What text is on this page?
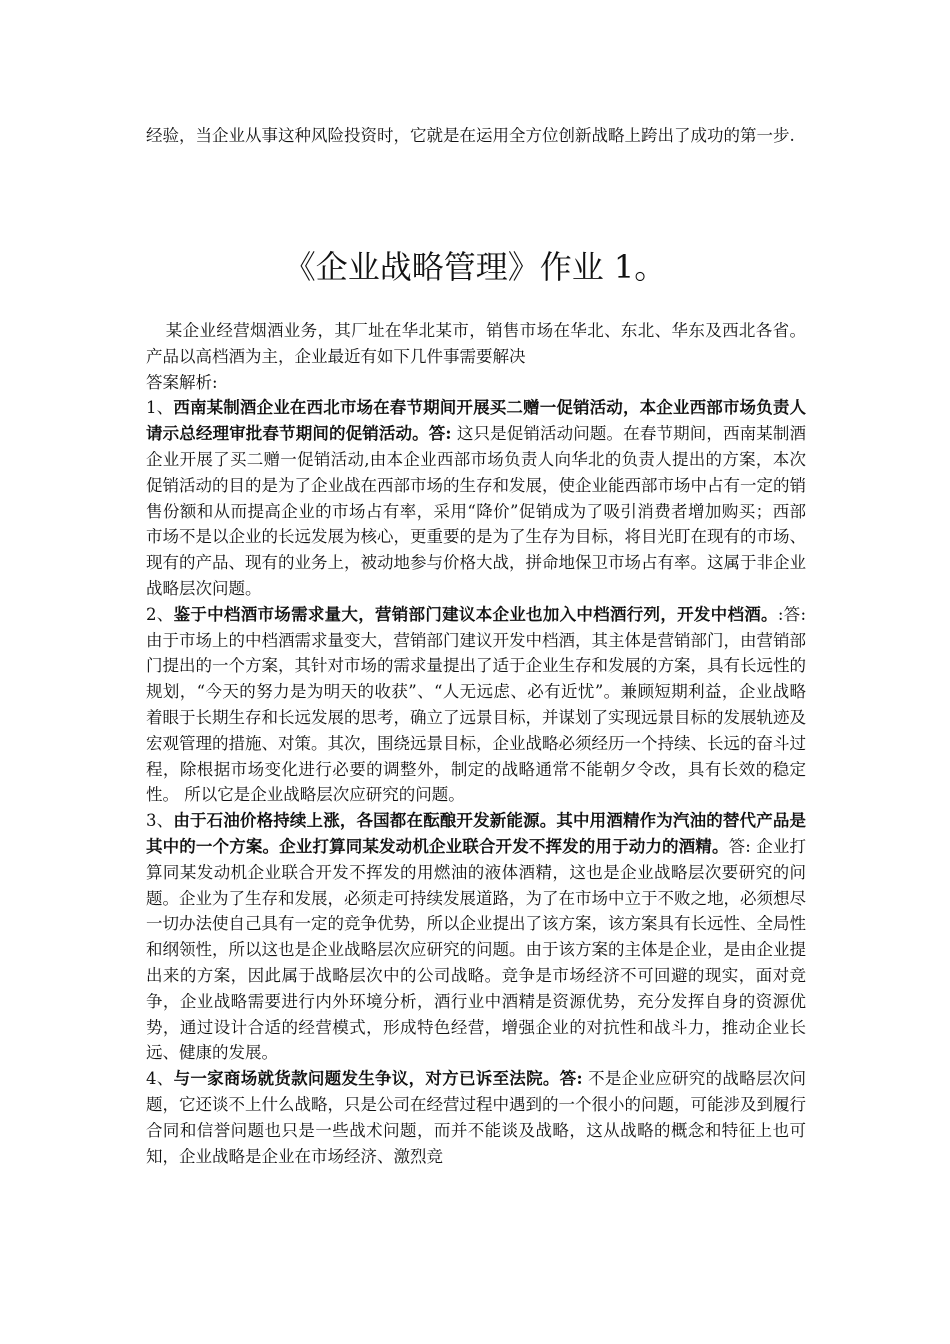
经验，当企业从事这种风险投资时，它就是在运用全方位创新战略上跨出了成功的第一步.
《企业战略管理》作业 1。

某企业经营烟酒业务，其厂址在华北某市，销售市场在华北、东北、华东及西北各省。产品以高档酒为主，企业最近有如下几件事需要解决

答案解析:

1、西南某制酒企业在西北市场在春节期间开展买二赠一促销活动，本企业西部市场负责人请示总经理审批春节期间的促销活动。答: 这只是促销活动问题。在春节期间，西南某制酒企业开展了买二赠一促销活动,由本企业西部市场负责人向华北的负责人提出的方案，本次促销活动的目的是为了企业战在西部市场的生存和发展，使企业能西部市场中占有一定的销售份额和从而提高企业的市场占有率，采用“降价”促销成为了吸引消费者增加购买；西部市场不是以企业的长远发展为核心，更重要的是为了生存为目标，将目光盯在现有的市场、现有的产品、现有的业务上，被动地参与价格大战，拼命地保卫市场占有率。这属于非企业战略层次问题。

2、鉴于中档酒市场需求量大，营销部门建议本企业也加入中档酒行列，开发中档酒。:答: 由于市场上的中档酒需求量变大，营销部门建议开发中档酒，其主体是营销部门，由营销部门提出的一个方案，其针对市场的需求量提出了适于企业生存和发展的方案，具有长远性的规划，“今天的努力是为明天的收获”、“人无远虑、必有近忧”。兼顾短期利益，企业战略着眼于长期生存和长远发展的思考，确立了远景目标，并谋划了实现远景目标的发展轨迹及宏观管理的措施、对策。其次，围绕远景目标，企业战略必须经历一个持续、长远的奋斗过程，除根据市场变化进行必要的调整外，制定的战略通常不能朝夕令改，具有长效的稳定性。 所以它是企业战略层次应研究的问题。

3、由于石油价格持续上涨，各国都在酝酿开发新能源。其中用酒精作为汽油的替代产品是其中的一个方案。企业打算同某发动机企业联合开发不挥发的用于动力的酒精。答: 企业打算同某发动机企业联合开发不挥发的用燃油的液体酒精，这也是企业战略层次要研究的问题。企业为了生存和发展，必须走可持续发展道路，为了在市场中立于不败之地，必须想尽一切办法使自己具有一定的竞争优势，所以企业提出了该方案，该方案具有长远性、全局性和纲领性，所以这也是企业战略层次应研究的问题。由于该方案的主体是企业，是由企业提出来的方案，因此属于战略层次中的公司战略。竞争是市场经济不可回避的现实，面对竞争，企业战略需要进行内外环境分析，酒行业中酒精是资源优势，充分发挥自身的资源优势，通过设计合适的经营模式，形成特色经营，增强企业的对抗性和战斗力，推动企业长远、健康的发展。

4、与一家商场就货款问题发生争议，对方已诉至法院。答: 不是企业应研究的战略层次问题，它还谈不上什么战略，只是公司在经营过程中遇到的一个很小的问题，可能涉及到履行合同和信誉问题也只是一些战术问题，而并不能谈及战略，这从战略的概念和特征上也可知，企业战略是企业在市场经济、激烈竞
